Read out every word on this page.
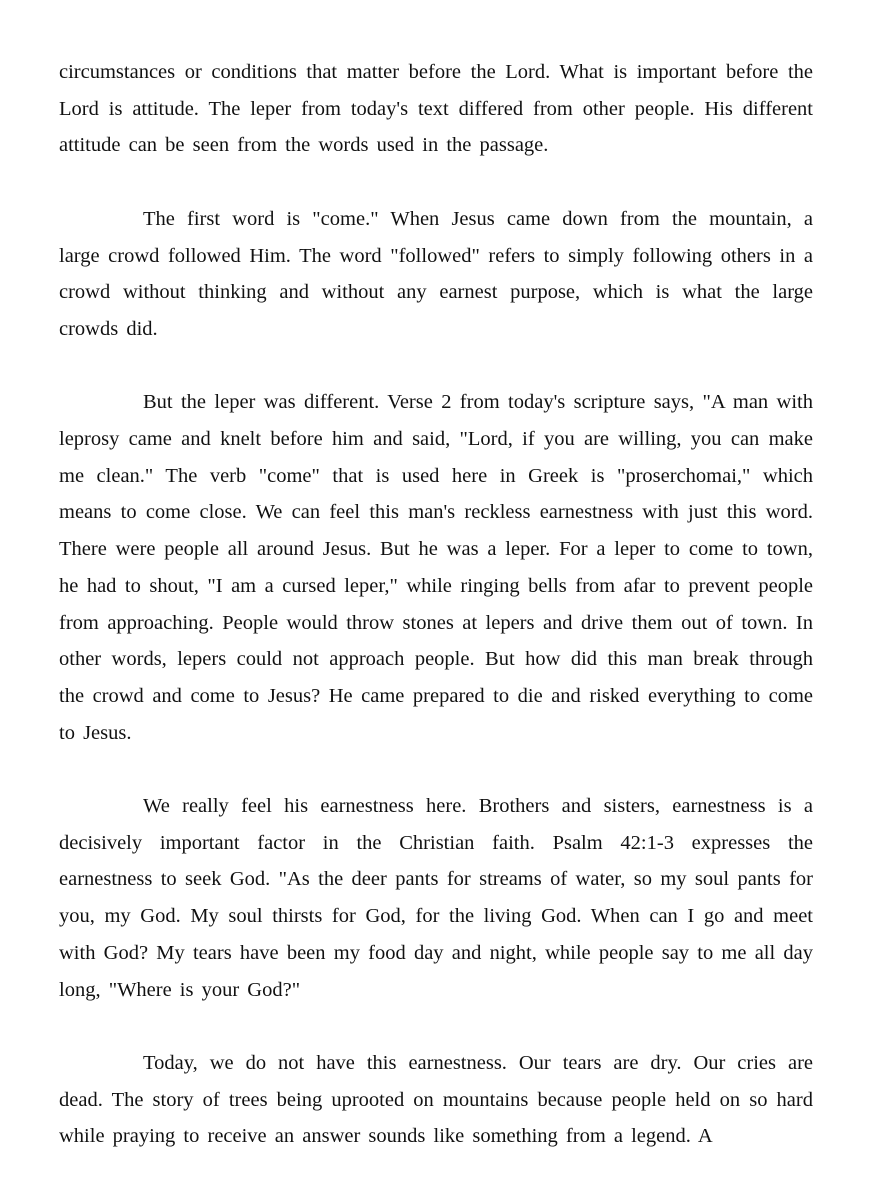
circumstances or conditions that matter before the Lord. What is important before the Lord is attitude. The leper from today's text differed from other people. His different attitude can be seen from the words used in the passage.

The first word is "come." When Jesus came down from the mountain, a large crowd followed Him. The word "followed" refers to simply following others in a crowd without thinking and without any earnest purpose, which is what the large crowds did.

But the leper was different. Verse 2 from today's scripture says, "A man with leprosy came and knelt before him and said, "Lord, if you are willing, you can make me clean." The verb "come" that is used here in Greek is "proserchomai," which means to come close. We can feel this man's reckless earnestness with just this word. There were people all around Jesus. But he was a leper. For a leper to come to town, he had to shout, "I am a cursed leper," while ringing bells from afar to prevent people from approaching. People would throw stones at lepers and drive them out of town. In other words, lepers could not approach people. But how did this man break through the crowd and come to Jesus? He came prepared to die and risked everything to come to Jesus.

We really feel his earnestness here. Brothers and sisters, earnestness is a decisively important factor in the Christian faith. Psalm 42:1-3 expresses the earnestness to seek God. "As the deer pants for streams of water, so my soul pants for you, my God. My soul thirsts for God, for the living God. When can I go and meet with God? My tears have been my food day and night, while people say to me all day long, "Where is your God?"

Today, we do not have this earnestness. Our tears are dry. Our cries are dead. The story of trees being uprooted on mountains because people held on so hard while praying to receive an answer sounds like something from a legend. A
